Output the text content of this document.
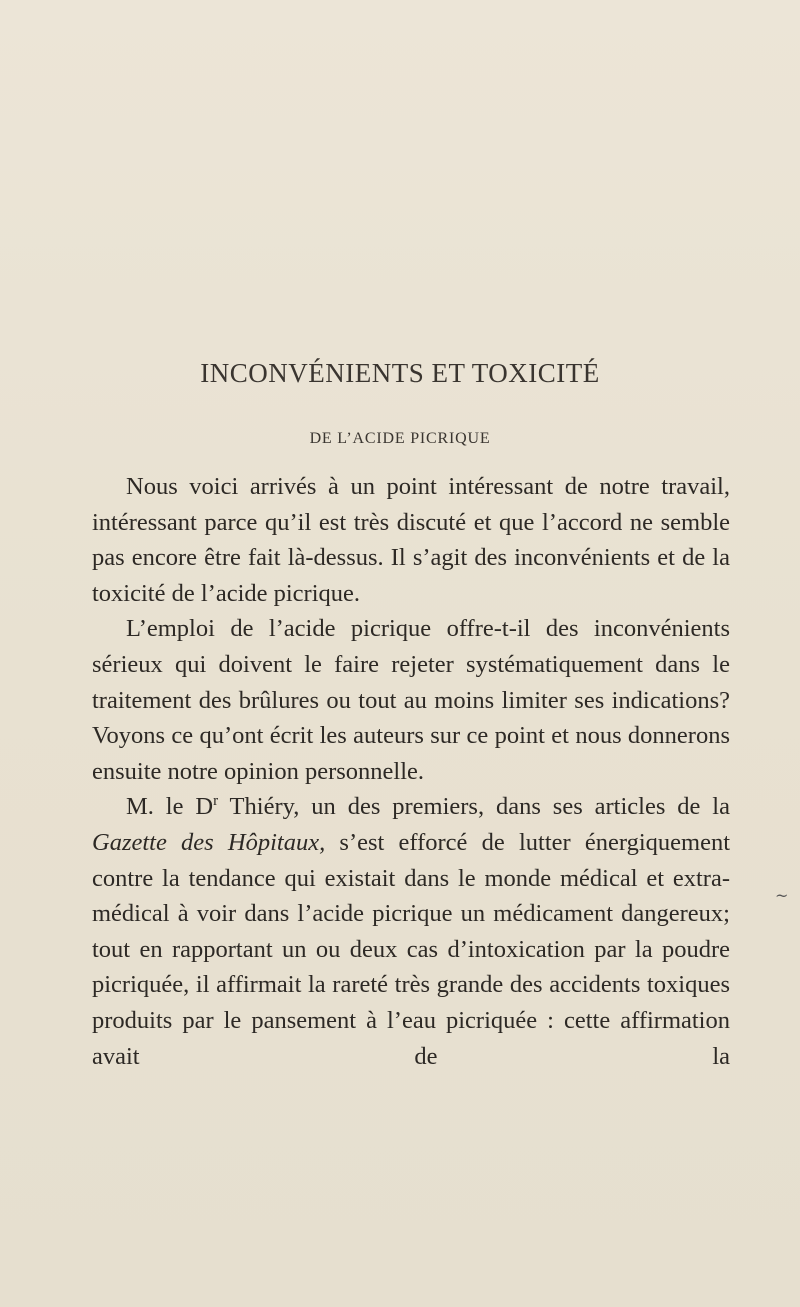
INCONVÉNIENTS ET TOXICITÉ
DE L’ACIDE PICRIQUE

Nous voici arrivés à un point intéressant de notre travail, intéressant parce qu’il est très discuté et que l’accord ne semble pas encore être fait là-dessus. Il s’agit des inconvénients et de la toxicité de l’acide picrique.

L’emploi de l’acide picrique offre-t-il des inconvénients sérieux qui doivent le faire rejeter systématiquement dans le traitement des brûlures ou tout au moins limiter ses indications? Voyons ce qu’ont écrit les auteurs sur ce point et nous donnerons ensuite notre opinion personnelle.

M. le $D^r$ Thiéry, un des premiers, dans ses articles de la Gazette des Hôpitaux, s’est efforcé de lutter énergiquement contre la tendance qui existait dans le monde médical et extra-médical à voir dans l’acide picrique un médicament dangereux; tout en rapportant un ou deux cas d’intoxication par la poudre picriquée, il affirmait la rareté très grande des accidents toxiques produits par le pansement à l’eau picriquée : cette affirmation avait de la

~
